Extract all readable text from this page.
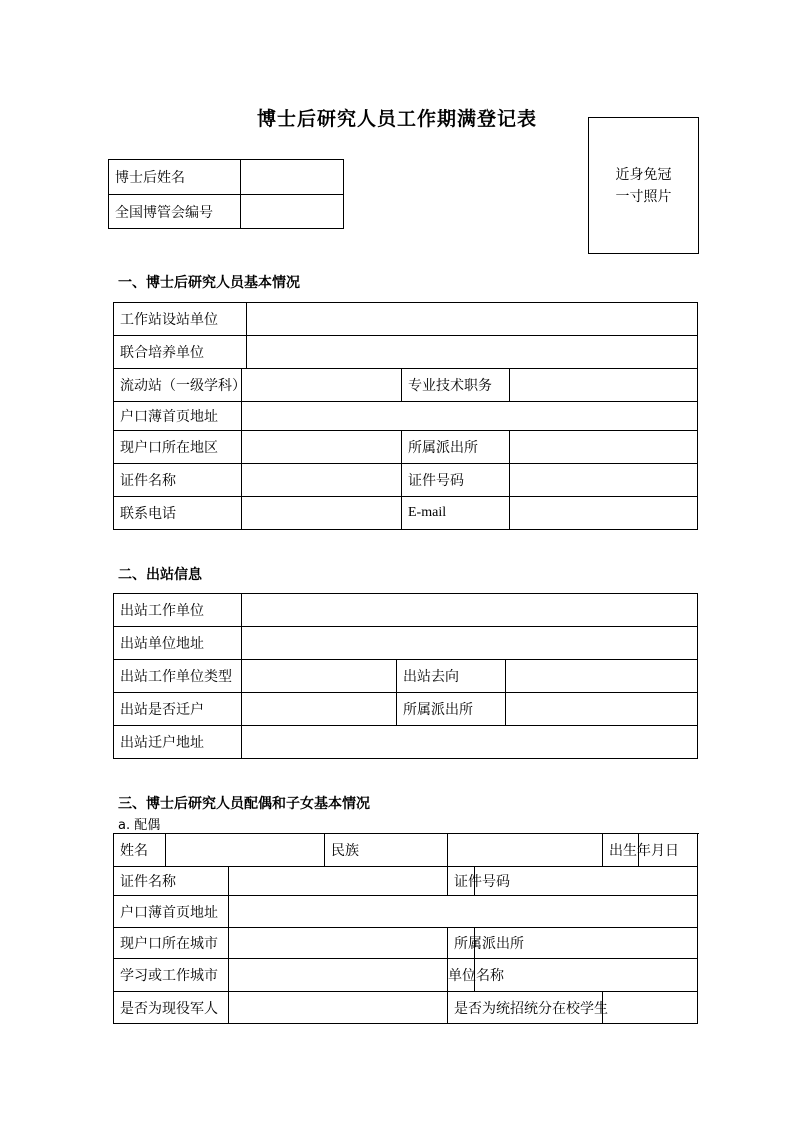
博士后研究人员工作期满登记表
近身免冠
一寸照片
博士后姓名	
全国博管会编号	
一、博士后研究人员基本情况
工作站设站单位				
联合培养单位				
流动站（一级学科）			专业技术职务	
户口薄首页地址				
现户口所在地区			所属派出所	
证件名称			证件号码	
联系电话			E-mail	
二、出站信息
出站工作单位			
出站单位地址			
出站工作单位类型		出站去向	
出站是否迁户		所属派出所	
出站迁户地址			
三、博士后研究人员配偶和子女基本情况
a. 配偶
姓名			民族			出生年月日	
证件名称				证件号码			
户口薄首页地址							
现户口所在城市				所属派出所			
学习或工作城市				单位名称			
是否为现役军人				是否为统招统分在校学生			
